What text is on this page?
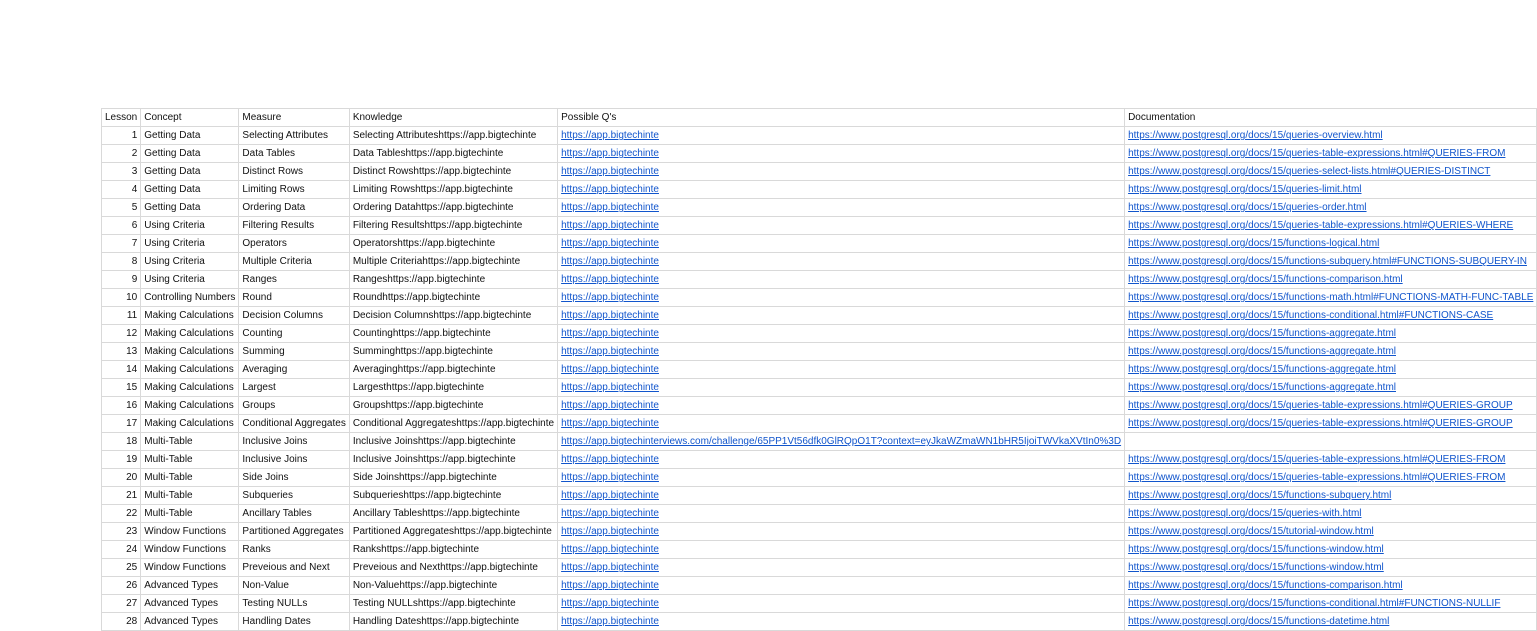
Lesson	Concept	Measure	Knowledge	Possible Q's	Documentation
1	Getting Data	Selecting Attributes	Selecting Attributeshttps://app.bigtechinte	https://app.bigtechinte	https://www.postgresql.org/docs/15/queries-overview.html
2	Getting Data	Data Tables	Data Tableshttps://app.bigtechinte	https://app.bigtechinte	https://www.postgresql.org/docs/15/queries-table-expressions.html#QUERIES-FROM
3	Getting Data	Distinct Rows	Distinct Rowshttps://app.bigtechinte	https://app.bigtechinte	https://www.postgresql.org/docs/15/queries-select-lists.html#QUERIES-DISTINCT
4	Getting Data	Limiting Rows	Limiting Rowshttps://app.bigtechinte	https://app.bigtechinte	https://www.postgresql.org/docs/15/queries-limit.html
5	Getting Data	Ordering Data	Ordering Datahttps://app.bigtechinte	https://app.bigtechinte	https://www.postgresql.org/docs/15/queries-order.html
6	Using Criteria	Filtering Results	Filtering Resultshttps://app.bigtechinte	https://app.bigtechinte	https://www.postgresql.org/docs/15/queries-table-expressions.html#QUERIES-WHERE
7	Using Criteria	Operators	Operatorshttps://app.bigtechinte	https://app.bigtechinte	https://www.postgresql.org/docs/15/functions-logical.html
8	Using Criteria	Multiple Criteria	Multiple Criteriahttps://app.bigtechinte	https://app.bigtechinte	https://www.postgresql.org/docs/15/functions-subquery.html#FUNCTIONS-SUBQUERY-IN
9	Using Criteria	Ranges	Rangeshttps://app.bigtechinte	https://app.bigtechinte	https://www.postgresql.org/docs/15/functions-comparison.html
10	Controlling Numbers	Round	Roundhttps://app.bigtechinte	https://app.bigtechinte	https://www.postgresql.org/docs/15/functions-math.html#FUNCTIONS-MATH-FUNC-TABLE
11	Making Calculations	Decision Columns	Decision Columnshttps://app.bigtechinte	https://app.bigtechinte	https://www.postgresql.org/docs/15/functions-conditional.html#FUNCTIONS-CASE
12	Making Calculations	Counting	Countinghttps://app.bigtechinte	https://app.bigtechinte	https://www.postgresql.org/docs/15/functions-aggregate.html
13	Making Calculations	Summing	Summinghttps://app.bigtechinte	https://app.bigtechinte	https://www.postgresql.org/docs/15/functions-aggregate.html
14	Making Calculations	Averaging	Averaginghttps://app.bigtechinte	https://app.bigtechinte	https://www.postgresql.org/docs/15/functions-aggregate.html
15	Making Calculations	Largest	Largesthttps://app.bigtechinte	https://app.bigtechinte	https://www.postgresql.org/docs/15/functions-aggregate.html
16	Making Calculations	Groups	Groupshttps://app.bigtechinte	https://app.bigtechinte	https://www.postgresql.org/docs/15/queries-table-expressions.html#QUERIES-GROUP
17	Making Calculations	Conditional Aggregates	Conditional Aggregateshttps://app.bigtechinte	https://app.bigtechinte	https://www.postgresql.org/docs/15/queries-table-expressions.html#QUERIES-GROUP
18	Multi-Table	Inclusive Joins	Inclusive Joinshttps://app.bigtechinte	https://app.bigtechinterviews.com/challenge/65PP1Vt56dfk0GlRQpO1T?context=eyJkaWZmaWN1bHR5IjoiTWVkaXVtIn0%3D	
19	Multi-Table	Inclusive Joins	Inclusive Joinshttps://app.bigtechinte	https://app.bigtechinte	https://www.postgresql.org/docs/15/queries-table-expressions.html#QUERIES-FROM
20	Multi-Table	Side Joins	Side Joinshttps://app.bigtechinte	https://app.bigtechinte	https://www.postgresql.org/docs/15/queries-table-expressions.html#QUERIES-FROM
21	Multi-Table	Subqueries	Subquerieshttps://app.bigtechinte	https://app.bigtechinte	https://www.postgresql.org/docs/15/functions-subquery.html
22	Multi-Table	Ancillary Tables	Ancillary Tableshttps://app.bigtechinte	https://app.bigtechinte	https://www.postgresql.org/docs/15/queries-with.html
23	Window Functions	Partitioned Aggregates	Partitioned Aggregateshttps://app.bigtechinte	https://app.bigtechinte	https://www.postgresql.org/docs/15/tutorial-window.html
24	Window Functions	Ranks	Rankshttps://app.bigtechinte	https://app.bigtechinte	https://www.postgresql.org/docs/15/functions-window.html
25	Window Functions	Preveious and Next	Preveious and Nexthttps://app.bigtechinte	https://app.bigtechinte	https://www.postgresql.org/docs/15/functions-window.html
26	Advanced Types	Non-Value	Non-Valuehttps://app.bigtechinte	https://app.bigtechinte	https://www.postgresql.org/docs/15/functions-comparison.html
27	Advanced Types	Testing NULLs	Testing NULLshttps://app.bigtechinte	https://app.bigtechinte	https://www.postgresql.org/docs/15/functions-conditional.html#FUNCTIONS-NULLIF
28	Advanced Types	Handling Dates	Handling Dateshttps://app.bigtechinte	https://app.bigtechinte	https://www.postgresql.org/docs/15/functions-datetime.html
